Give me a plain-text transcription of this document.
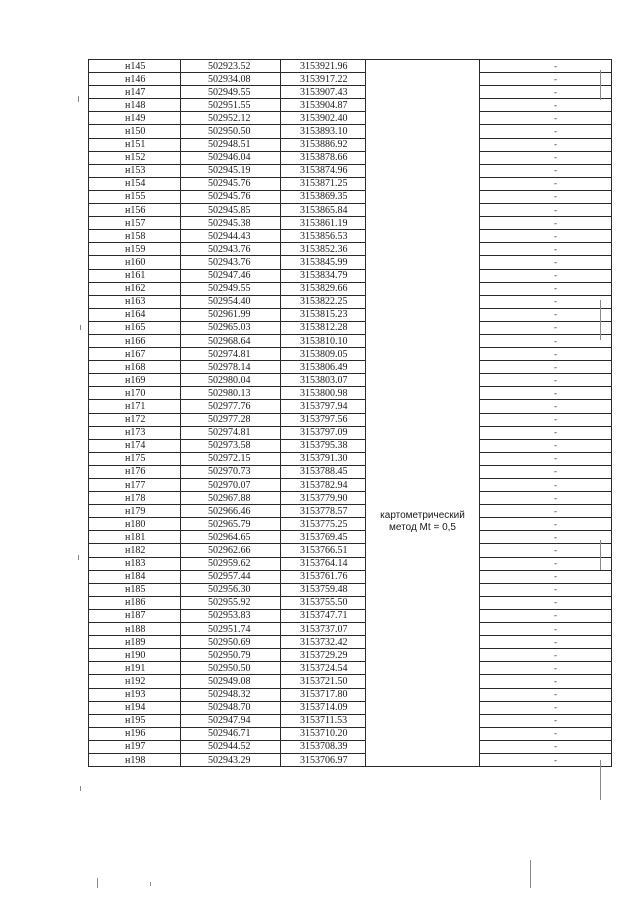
н145	502923.52	3153921.96	картометрический
метод Mt = 0,5	-
н146	502934.08	3153917.22		-
н147	502949.55	3153907.43		-
н148	502951.55	3153904.87		-
н149	502952.12	3153902.40		-
н150	502950.50	3153893.10		-
н151	502948.51	3153886.92		-
н152	502946.04	3153878.66		-
н153	502945.19	3153874.96		-
н154	502945.76	3153871.25		-
н155	502945.76	3153869.35		-
н156	502945.85	3153865.84		-
н157	502945.38	3153861.19		-
н158	502944.43	3153856.53		-
н159	502943.76	3153852.36		-
н160	502943.76	3153845.99		-
н161	502947.46	3153834.79		-
н162	502949.55	3153829.66		-
н163	502954.40	3153822.25		-
н164	502961.99	3153815.23		-
н165	502965.03	3153812.28		-
н166	502968.64	3153810.10		-
н167	502974.81	3153809.05		-
н168	502978.14	3153806.49		-
н169	502980.04	3153803.07		-
н170	502980.13	3153800.98		-
н171	502977.76	3153797.94		-
н172	502977.28	3153797.56		-
н173	502974.81	3153797.09		-
н174	502973.58	3153795.38		-
н175	502972.15	3153791.30		-
н176	502970.73	3153788.45		-
н177	502970.07	3153782.94		-
н178	502967.88	3153779.90		-
н179	502966.46	3153778.57		-
н180	502965.79	3153775.25		-
н181	502964.65	3153769.45		-
н182	502962.66	3153766.51		-
н183	502959.62	3153764.14		-
н184	502957.44	3153761.76		-
н185	502956.30	3153759.48		-
н186	502955.92	3153755.50		-
н187	502953.83	3153747.71		-
н188	502951.74	3153737.07		-
н189	502950.69	3153732.42		-
н190	502950.79	3153729.29		-
н191	502950.50	3153724.54		-
н192	502949.08	3153721.50		-
н193	502948.32	3153717.80		-
н194	502948.70	3153714.09		-
н195	502947.94	3153711.53		-
н196	502946.71	3153710.20		-
н197	502944.52	3153708.39		-
н198	502943.29	3153706.97		-
